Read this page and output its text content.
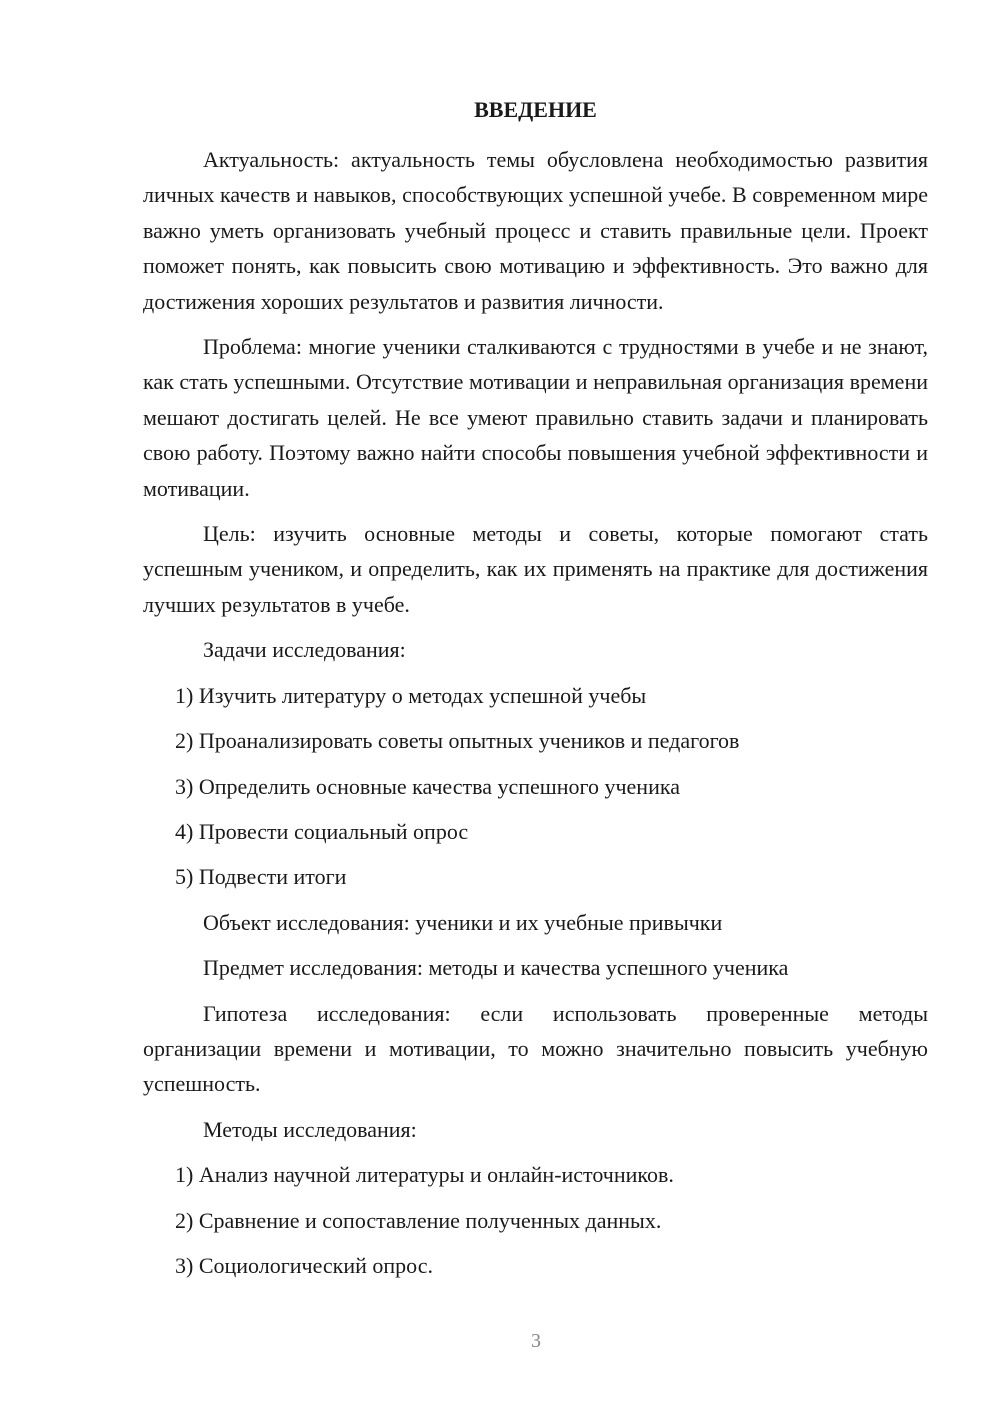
ВВЕДЕНИЕ

Актуальность: актуальность темы обусловлена необходимостью развития личных качеств и навыков, способствующих успешной учебе. В современном мире важно уметь организовать учебный процесс и ставить правильные цели. Проект поможет понять, как повысить свою мотивацию и эффективность. Это важно для достижения хороших результатов и развития личности.

Проблема: многие ученики сталкиваются с трудностями в учебе и не знают, как стать успешными. Отсутствие мотивации и неправильная организация времени мешают достигать целей. Не все умеют правильно ставить задачи и планировать свою работу. Поэтому важно найти способы повышения учебной эффективности и мотивации.

Цель: изучить основные методы и советы, которые помогают стать успешным учеником, и определить, как их применять на практике для достижения лучших результатов в учебе.

Задачи исследования:

1) Изучить литературу о методах успешной учебы
2) Проанализировать советы опытных учеников и педагогов
3) Определить основные качества успешного ученика
4) Провести социальный опрос
5) Подвести итоги

Объект исследования: ученики и их учебные привычки

Предмет исследования: методы и качества успешного ученика

Гипотеза исследования: если использовать проверенные методы организации времени и мотивации, то можно значительно повысить учебную успешность.

Методы исследования:

1) Анализ научной литературы и онлайн-источников.
2) Сравнение и сопоставление полученных данных.
3) Социологический опрос.
3
